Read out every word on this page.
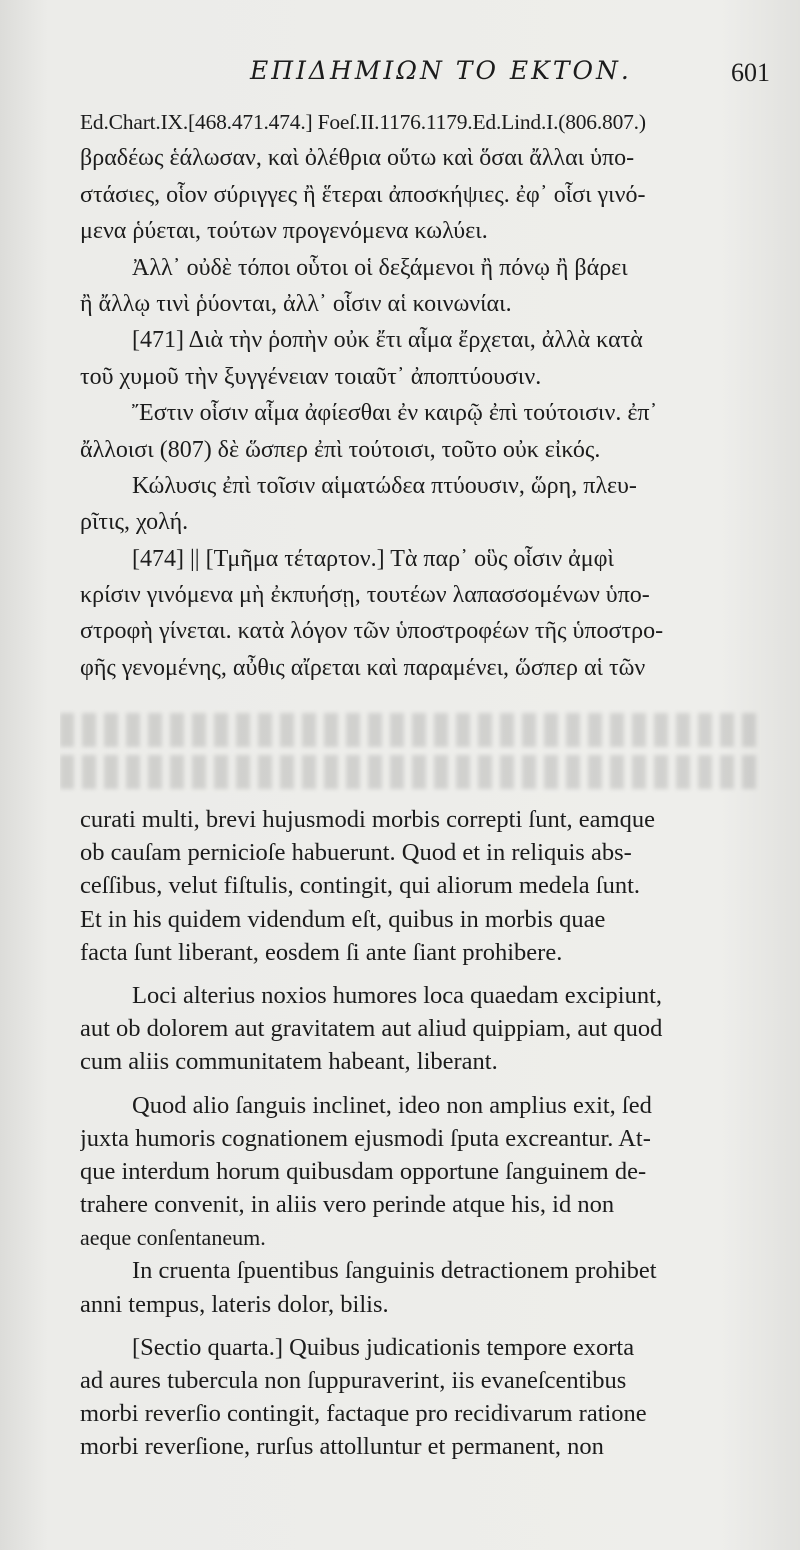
ΕΠΙΔΗΜΙΩΝ ΤΟ ΕΚΤΟΝ.	601
Ed.Chart.IX.[468.471.474.] Foeſ.II.1176.1179.Ed.Lind.I.(806.807.)
βραδέως ἑάλωσαν, καὶ ὀλέθρια οὕτω καὶ ὅσαι ἄλλαι ὑπο-
στάσιες, οἷον σύριγγες ἢ ἕτεραι ἀποσκήψιες. ἐφ᾽ οἷσι γινό-
μενα ῥύεται, τούτων προγενόμενα κωλύει.
Ἀλλ᾽ οὐδὲ τόποι οὗτοι οἱ δεξάμενοι ἢ πόνῳ ἢ βάρει
ἢ ἄλλῳ τινὶ ῥύονται, ἀλλ᾽ οἷσιν αἱ κοινωνίαι.
[471] Διὰ τὴν ῥοπὴν οὐκ ἔτι αἷμα ἔρχεται, ἀλλὰ κατὰ
τοῦ χυμοῦ τὴν ξυγγένειαν τοιαῦτ᾽ ἀποπτύουσιν.
Ἔστιν οἷσιν αἷμα ἀφίεσθαι ἐν καιρῷ ἐπὶ τούτοισιν. ἐπ᾽
ἄλλοισι (807) δὲ ὥσπερ ἐπὶ τούτοισι, τοῦτο οὐκ εἰκός.
Κώλυσις ἐπὶ τοῖσιν αἱματώδεα πτύουσιν, ὥρη, πλευ-
ρῖτις, χολή.
[474] || [Τμῆμα τέταρτον.] Τὰ παρ᾽ οὓς οἷσιν ἀμφὶ
κρίσιν γινόμενα μὴ ἐκπυήσῃ, τουτέων λαπασσομένων ὑπο-
στροφὴ γίνεται. κατὰ λόγον τῶν ὑποστροφέων τῆς ὑποστρο-
φῆς γενομένης, αὖθις αἴρεται καὶ παραμένει, ὥσπερ αἱ τῶν
curati multi, brevi hujusmodi morbis correpti ſunt, eamque
ob cauſam pernicioſe habuerunt. Quod et in reliquis abs-
ceſſibus, velut fiſtulis, contingit, qui aliorum medela ſunt.
Et in his quidem videndum eſt, quibus in morbis quae
facta ſunt liberant, eosdem ſi ante ſiant prohibere.
Loci alterius noxios humores loca quaedam excipiunt,
aut ob dolorem aut gravitatem aut aliud quippiam, aut quod
cum aliis communitatem habeant, liberant.
Quod alio ſanguis inclinet, ideo non amplius exit, ſed
juxta humoris cognationem ejusmodi ſputa excreantur. At-
que interdum horum quibusdam opportune ſanguinem de-
trahere convenit, in aliis vero perinde atque his, id non
aeque conſentaneum.
In cruenta ſpuentibus ſanguinis detractionem prohibet
anni tempus, lateris dolor, bilis.
[Sectio quarta.] Quibus judicationis tempore exorta
ad aures tubercula non ſuppuraverint, iis evaneſcentibus
morbi reverſio contingit, factaque pro recidivarum ratione
morbi reverſione, rurſus attolluntur et permanent, non
